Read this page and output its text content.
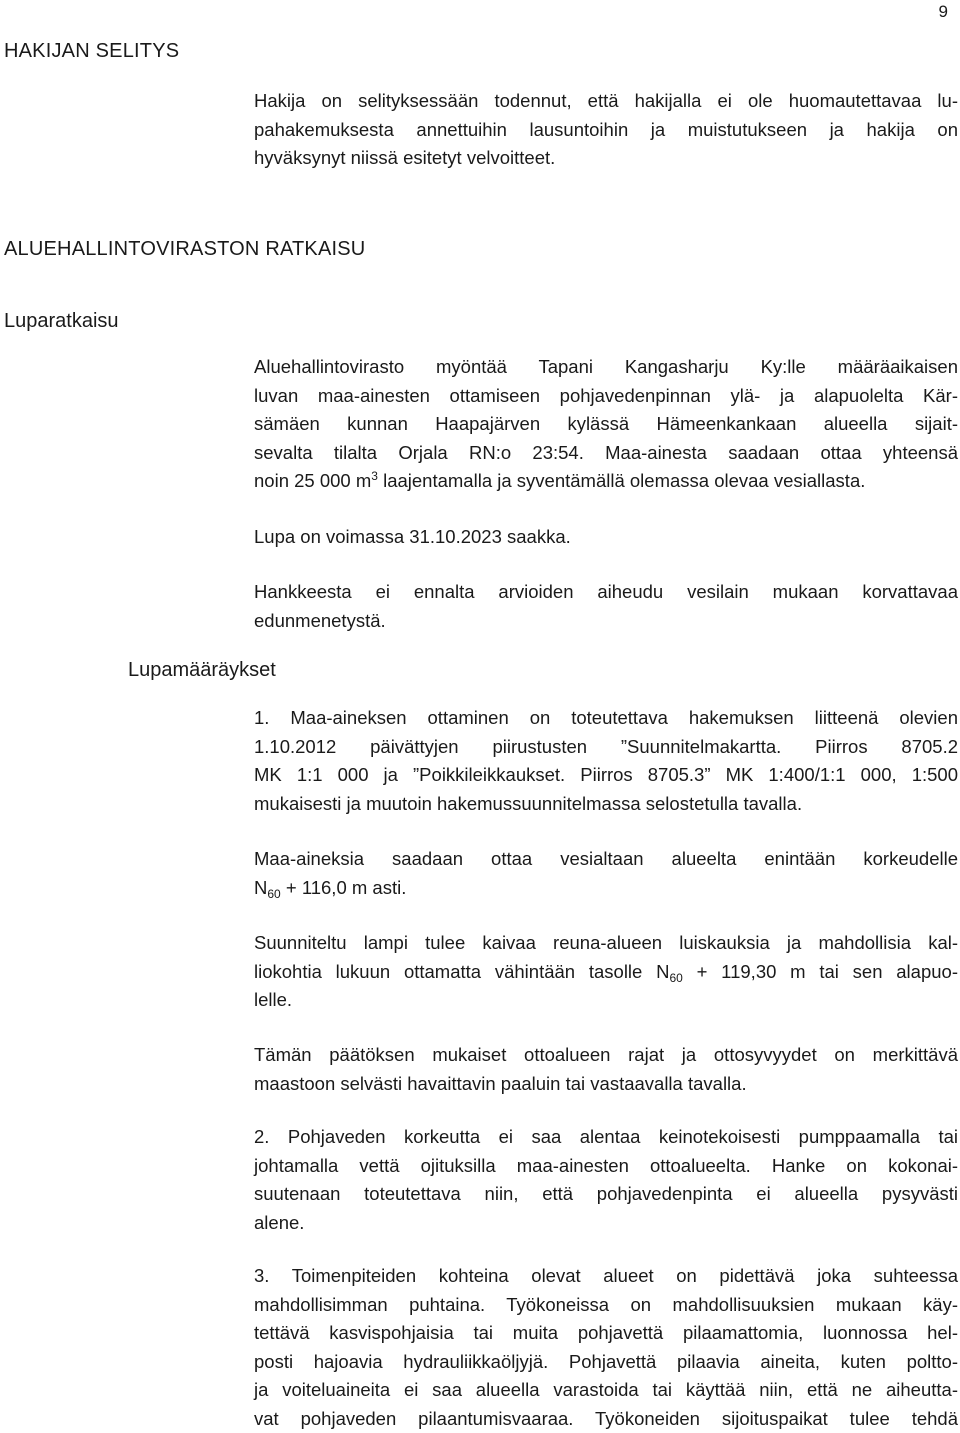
9
HAKIJAN SELITYS
Hakija on selityksessään todennut, että hakijalla ei ole huomautettavaa lu-
pahakemuksesta annettuihin lausuntoihin ja muistutukseen ja hakija on
hyväksynyt niissä esitetyt velvoitteet.
ALUEHALLINTOVIRASTON RATKAISU
Luparatkaisu
Aluehallintovirasto myöntää Tapani Kangasharju Ky:lle määräaikaisen
luvan maa-ainesten ottamiseen pohjavedenpinnan ylä- ja alapuolelta Kär-
sämäen kunnan Haapajärven kylässä Hämeenkankaan alueella sijait-
sevalta tilalta Orjala RN:o 23:54. Maa-ainesta saadaan ottaa yhteensä
noin 25 000 $m^3$ laajentamalla ja syventämällä olemassa olevaa vesiallasta.
Lupa on voimassa 31.10.2023 saakka.
Hankkeesta ei ennalta arvioiden aiheudu vesilain mukaan korvattavaa
edunmenetystä.
Lupamääräykset
1. Maa-aineksen ottaminen on toteutettava hakemuksen liitteenä olevien
1.10.2012 päivättyjen piirustusten ”Suunnitelmakartta. Piirros 8705.2
MK 1:1 000 ja ”Poikkileikkaukset. Piirros 8705.3” MK 1:400/1:1 000, 1:500
mukaisesti ja muutoin hakemussuunnitelmassa selostetulla tavalla.
Maa-aineksia saadaan ottaa vesialtaan alueelta enintään korkeudelle
$N_{60} + 116,0$ m asti.
Suunniteltu lampi tulee kaivaa reuna-alueen luiskauksia ja mahdollisia kal-
liokohtia lukuun ottamatta vähintään tasolle $N_{60} + 119,30$ m tai sen alapuo-
lelle.
Tämän päätöksen mukaiset ottoalueen rajat ja ottosyvyydet on merkittävä
maastoon selvästi havaittavin paaluin tai vastaavalla tavalla.
2. Pohjaveden korkeutta ei saa alentaa keinotekoisesti pumppaamalla tai
johtamalla vettä ojituksilla maa-ainesten ottoalueelta. Hanke on kokonai-
suutenaan toteutettava niin, että pohjavedenpinta ei alueella pysyvästi
alene.
3. Toimenpiteiden kohteina olevat alueet on pidettävä joka suhteessa
mahdollisimman puhtaina. Työkoneissa on mahdollisuuksien mukaan käy-
tettävä kasvispohjaisia tai muita pohjavettä pilaamattomia, luonnossa hel-
posti hajoavia hydrauliikkaöljyjä. Pohjavettä pilaavia aineita, kuten poltto-
ja voiteluaineita ei saa alueella varastoida tai käyttää niin, että ne aiheutta-
vat pohjaveden pilaantumisvaaraa. Työkoneiden sijoituspaikat tulee tehdä
